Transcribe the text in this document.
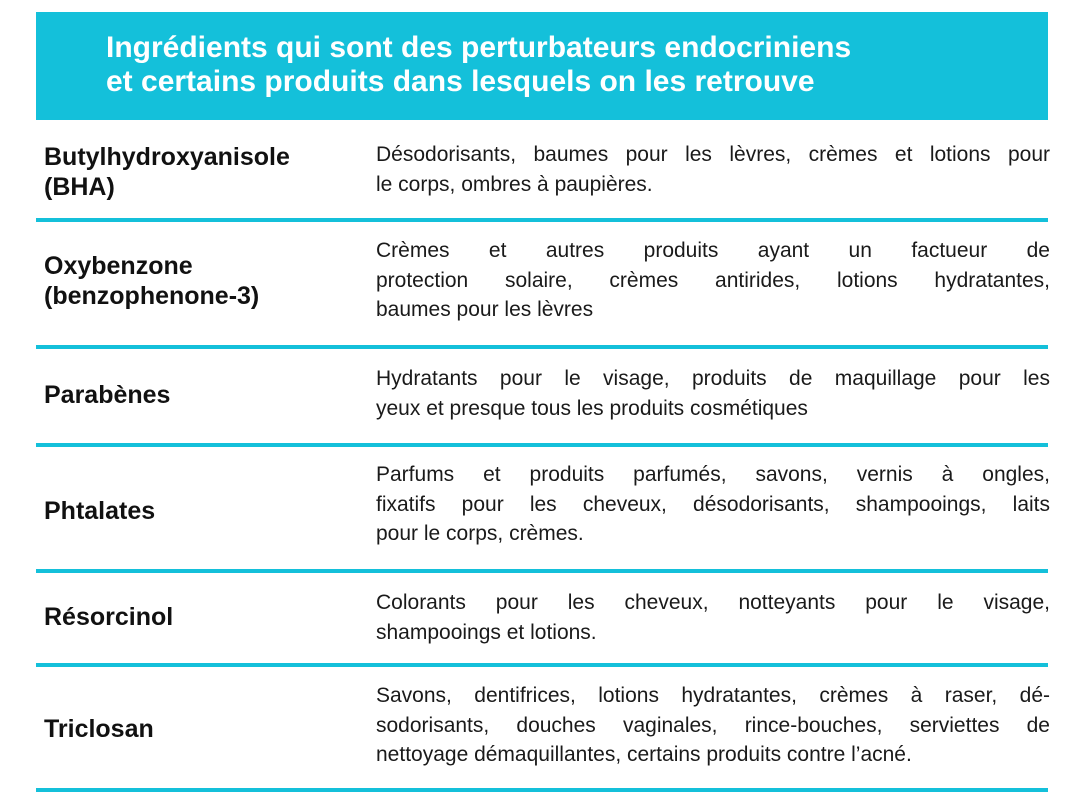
Ingrédients qui sont des perturbateurs endocriniens
et certains produits dans lesquels on les retrouve
Butylhydroxyanisole
(BHA)
Désodorisants, baumes pour les lèvres, crèmes et lotions pour
le corps, ombres à paupières.
Oxybenzone
(benzophenone-3)
Crèmes et autres produits ayant un factueur de
protection solaire, crèmes antirides, lotions hydratantes,
baumes pour les lèvres
Parabènes
Hydratants pour le visage, produits de maquillage pour les
yeux et presque tous les produits cosmétiques
Phtalates
Parfums et produits parfumés, savons, vernis à ongles,
fixatifs pour les cheveux, désodorisants, shampooings, laits
pour le corps, crèmes.
Résorcinol
Colorants pour les cheveux, notteyants pour le visage,
shampooings et lotions.
Triclosan
Savons, dentifrices, lotions hydratantes, crèmes à raser, dé-
sodorisants, douches vaginales, rince-bouches, serviettes de
nettoyage démaquillantes, certains produits contre l’acné.
